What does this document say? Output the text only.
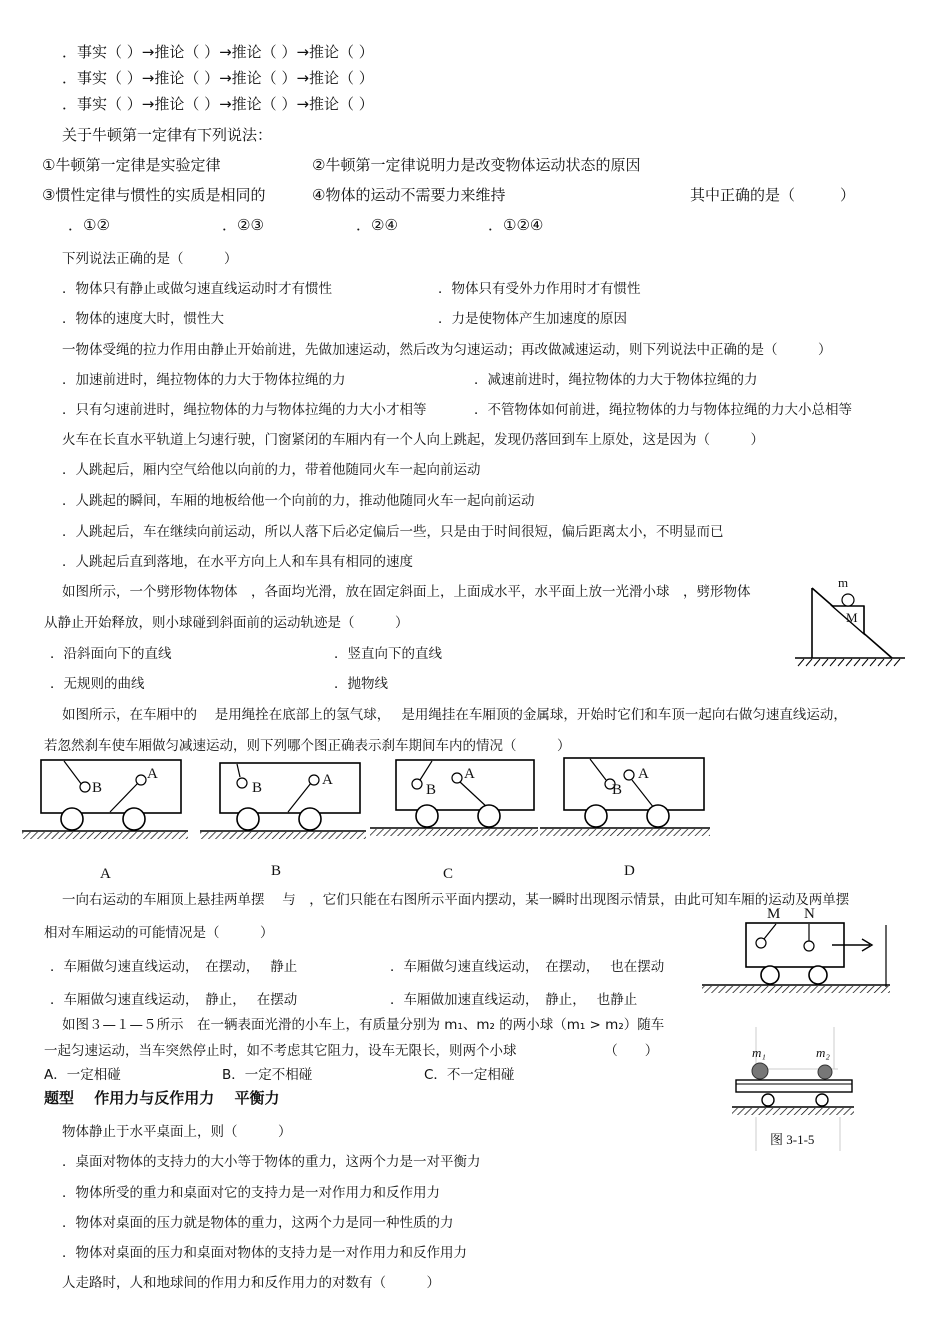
．事实（ ）→推论（ ）→推论（ ）→推论（ ）
．事实（ ）→推论（ ）→推论（ ）→推论（ ）
．事实（ ）→推论（ ）→推论（ ）→推论（ ）
关于牛顿第一定律有下列说法：
①牛顿第一定律是实验定律	②牛顿第一定律说明力是改变物体运动状态的原因
③惯性定律与惯性的实质是相同的	④物体的运动不需要力来维持	其中正确的是（　　　）
．①②	．②③	．②④	．①②④
下列说法正确的是（　　　）
．物体只有静止或做匀速直线运动时才有惯性	．物体只有受外力作用时才有惯性
．物体的速度大时，惯性大	．力是使物体产生加速度的原因
一物体受绳的拉力作用由静止开始前进，先做加速运动，然后改为匀速运动；再改做减速运动，则下列说法中正确的是（　　　）
．加速前进时，绳拉物体的力大于物体拉绳的力	．减速前进时，绳拉物体的力大于物体拉绳的力
．只有匀速前进时，绳拉物体的力与物体拉绳的力大小才相等	．不管物体如何前进，绳拉物体的力与物体拉绳的力大小总相等
火车在长直水平轨道上匀速行驶，门窗紧闭的车厢内有一个人向上跳起，发现仍落回到车上原处，这是因为（　　　）
．人跳起后，厢内空气给他以向前的力，带着他随同火车一起向前运动
．人跳起的瞬间，车厢的地板给他一个向前的力，推动他随同火车一起向前运动
．人跳起后，车在继续向前运动，所以人落下后必定偏后一些，只是由于时间很短，偏后距离太小，不明显而已
．人跳起后直到落地，在水平方向上人和车具有相同的速度
如图所示，一个劈形物体物体　，各面均光滑，放在固定斜面上，上面成水平，水平面上放一光滑小球　，劈形物体
从静止开始释放，则小球碰到斜面前的运动轨迹是（　　　）
．沿斜面向下的直线	．竖直向下的直线
．无规则的曲线	．抛物线
m
M
如图所示，在车厢中的　 是用绳拴在底部上的氢气球，　 是用绳挂在车厢顶的金属球，开始时它们和车顶一起向右做匀速直线运动，
若忽然刹车使车厢做匀减速运动，则下列哪个图正确表示刹车期间车内的情况（　　　）
B
A
B	A
B
A
B
A
A	B	C	D
一向右运动的车厢顶上悬挂两单摆　 与　，它们只能在右图所示平面内摆动，某一瞬时出现图示情景，由此可知车厢的运动及两单摆
相对车厢运动的可能情况是（　　　）
．车厢做匀速直线运动，　在摆动，　 静止	．车厢做匀速直线运动，　在摆动，　 也在摆动
．车厢做匀速直线运动，　静止，　 在摆动	．车厢做加速直线运动，　静止，　 也静止
M N
如图３—１—５所示　在一辆表面光滑的小车上，有质量分别为 m₁、m₂ 的两小球（m₁ > m₂）随车
一起匀速运动，当车突然停止时，如不考虑其它阻力，设车无限长，则两个小球　　　　　　　（　　）
A．一定相碰	B．一定不相碰	C．不一定相碰
m₁	m₂
图 3-1-5
题型　 作用力与反作用力　 平衡力
物体静止于水平桌面上，则（　　　）
．桌面对物体的支持力的大小等于物体的重力，这两个力是一对平衡力
．物体所受的重力和桌面对它的支持力是一对作用力和反作用力
．物体对桌面的压力就是物体的重力，这两个力是同一种性质的力
．物体对桌面的压力和桌面对物体的支持力是一对作用力和反作用力
人走路时，人和地球间的作用力和反作用力的对数有（　　　）
